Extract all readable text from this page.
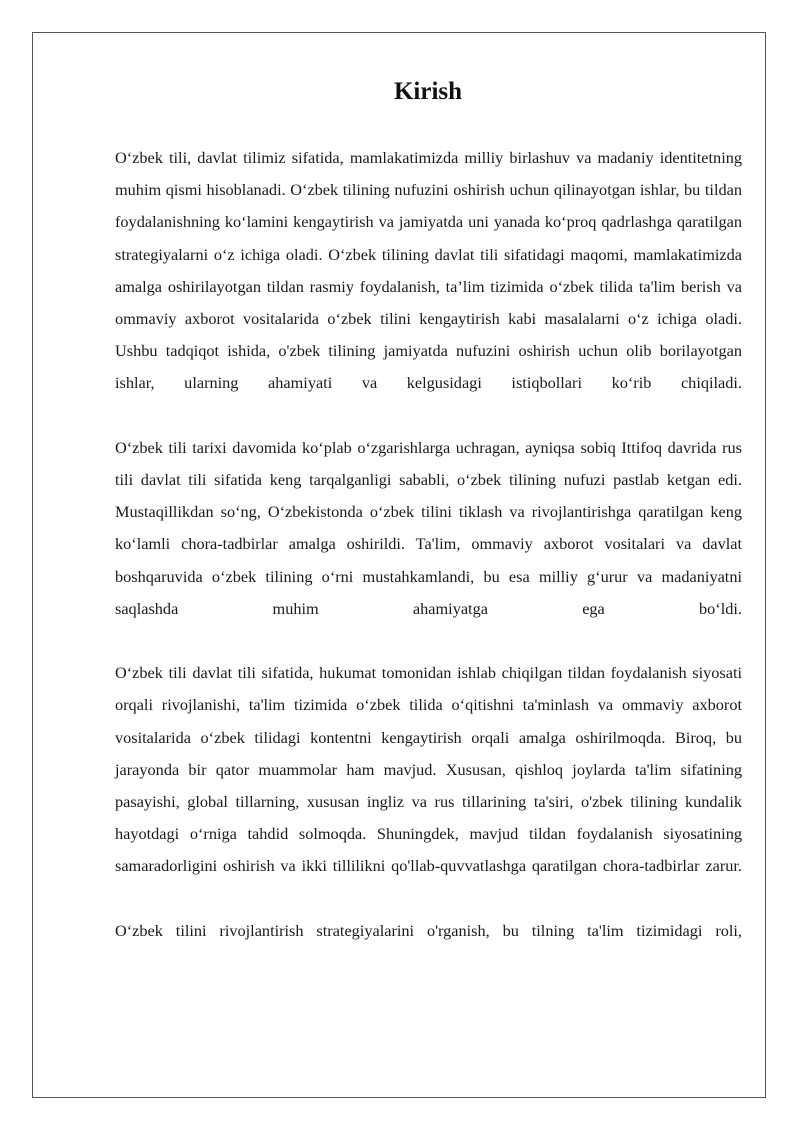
Kirish

O‘zbek tili, davlat tilimiz sifatida, mamlakatimizda milliy birlashuv va madaniy identitetning muhim qismi hisoblanadi. O‘zbek tilining nufuzini oshirish uchun qilinayotgan ishlar, bu tildan foydalanishning ko‘lamini kengaytirish va jamiyatda uni yanada ko‘proq qadrlashga qaratilgan strategiyalarni o‘z ichiga oladi. O‘zbek tilining davlat tili sifatidagi maqomi, mamlakatimizda amalga oshirilayotgan tildan rasmiy foydalanish, ta’lim tizimida o‘zbek tilida ta'lim berish va ommaviy axborot vositalarida o‘zbek tilini kengaytirish kabi masalalarni o‘z ichiga oladi. Ushbu tadqiqot ishida, o'zbek tilining jamiyatda nufuzini oshirish uchun olib borilayotgan ishlar, ularning ahamiyati va kelgusidagi istiqbollari ko‘rib chiqiladi.

O‘zbek tili tarixi davomida ko‘plab o‘zgarishlarga uchragan, ayniqsa sobiq Ittifoq davrida rus tili davlat tili sifatida keng tarqalganligi sababli, o‘zbek tilining nufuzi pastlab ketgan edi. Mustaqillikdan so‘ng, O‘zbekistonda o‘zbek tilini tiklash va rivojlantirishga qaratilgan keng ko‘lamli chora-tadbirlar amalga oshirildi. Ta'lim, ommaviy axborot vositalari va davlat boshqaruvida o‘zbek tilining o‘rni mustahkamlandi, bu esa milliy g‘urur va madaniyatni saqlashda muhim ahamiyatga ega bo‘ldi.

O‘zbek tili davlat tili sifatida, hukumat tomonidan ishlab chiqilgan tildan foydalanish siyosati orqali rivojlanishi, ta'lim tizimida o‘zbek tilida o‘qitishni ta'minlash va ommaviy axborot vositalarida o‘zbek tilidagi kontentni kengaytirish orqali amalga oshirilmoqda. Biroq, bu jarayonda bir qator muammolar ham mavjud. Xususan, qishloq joylarda ta'lim sifatining pasayishi, global tillarning, xususan ingliz va rus tillarining ta'siri, o'zbek tilining kundalik hayotdagi o‘rniga tahdid solmoqda. Shuningdek, mavjud tildan foydalanish siyosatining samaradorligini oshirish va ikki tillilikni qo'llab-quvvatlashga qaratilgan chora-tadbirlar zarur.

O‘zbek tilini rivojlantirish strategiyalarini o'rganish, bu tilning ta'lim tizimidagi roli,
